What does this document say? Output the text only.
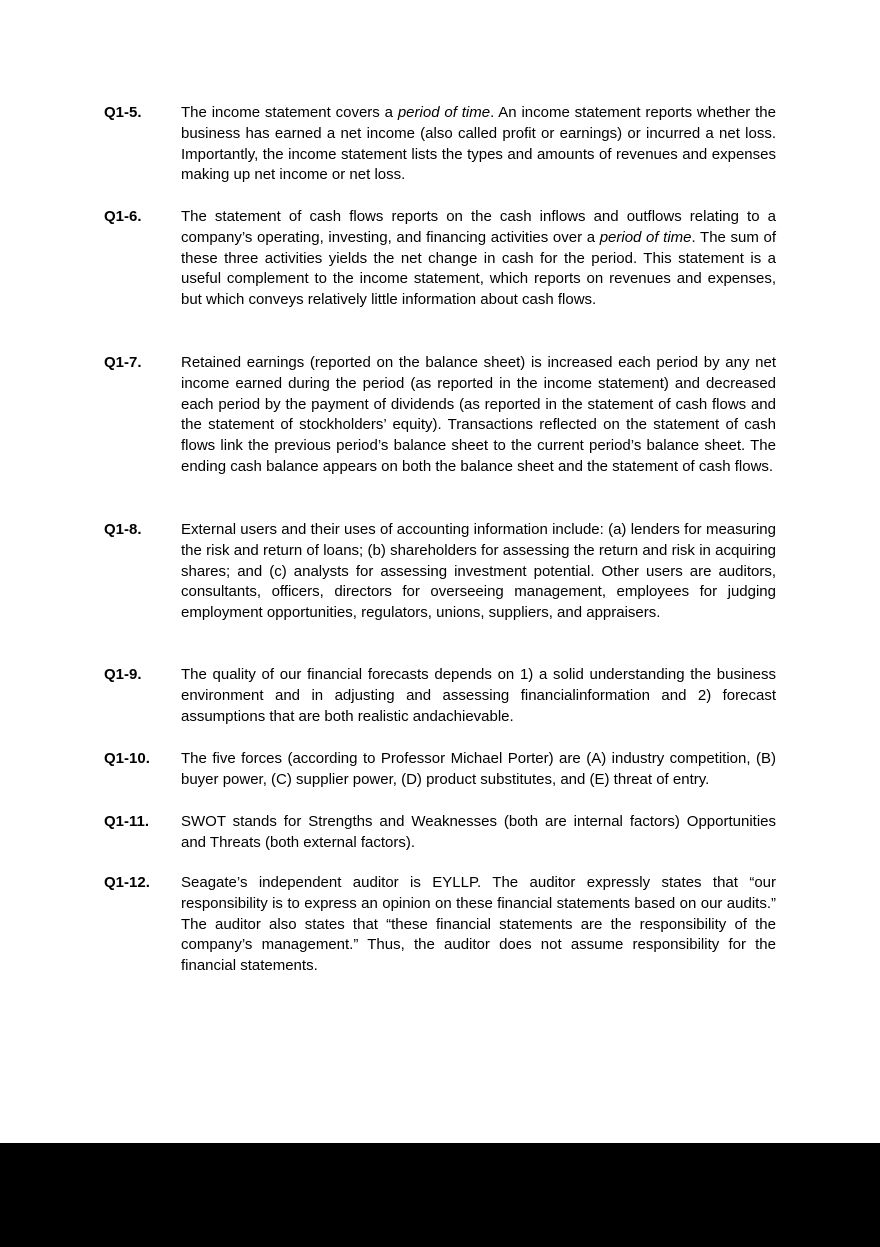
Q1-5.	The income statement covers a period of time. An income statement reports whether the business has earned a net income (also called profit or earnings) or incurred a net loss. Importantly, the income statement lists the types and amounts of revenues and expenses making up net income or net loss.
Q1-6.	The statement of cash flows reports on the cash inflows and outflows relating to a company’s operating, investing, and financing activities over a period of time. The sum of these three activities yields the net change in cash for the period. This statement is a useful complement to the income statement, which reports on revenues and expenses, but which conveys relatively little information about cash flows.
Q1-7.	Retained earnings (reported on the balance sheet) is increased each period by any net income earned during the period (as reported in the income statement) and decreased each period by the payment of dividends (as reported in the statement of cash flows and the statement of stockholders’ equity). Transactions reflected on the statement of cash flows link the previous period’s balance sheet to the current period’s balance sheet. The ending cash balance appears on both the balance sheet and the statement of cash flows.
Q1-8.	External users and their uses of accounting information include: (a) lenders for measuring the risk and return of loans; (b) shareholders for assessing the return and risk in acquiring shares; and (c) analysts for assessing investment potential. Other users are auditors, consultants, officers, directors for overseeing management, employees for judging employment opportunities, regulators, unions, suppliers, and appraisers.
Q1-9.	The quality of our financial forecasts depends on 1) a solid understanding the business environment and in adjusting and assessing financialinformation and 2) forecast assumptions that are both realistic andachievable.
Q1-10.	The five forces (according to Professor Michael Porter) are (A) industry competition, (B) buyer power, (C) supplier power, (D) product substitutes, and (E) threat of entry.
Q1-11.	SWOT stands for Strengths and Weaknesses (both are internal factors) Opportunities and Threats (both external factors).
Q1-12.	Seagate’s independent auditor is EYLLP. The auditor expressly states that “our responsibility is to express an opinion on these financial statements based on our audits.” The auditor also states that “these financial statements are the responsibility of the company’s management.” Thus, the auditor does not assume responsibility for the financial statements.
